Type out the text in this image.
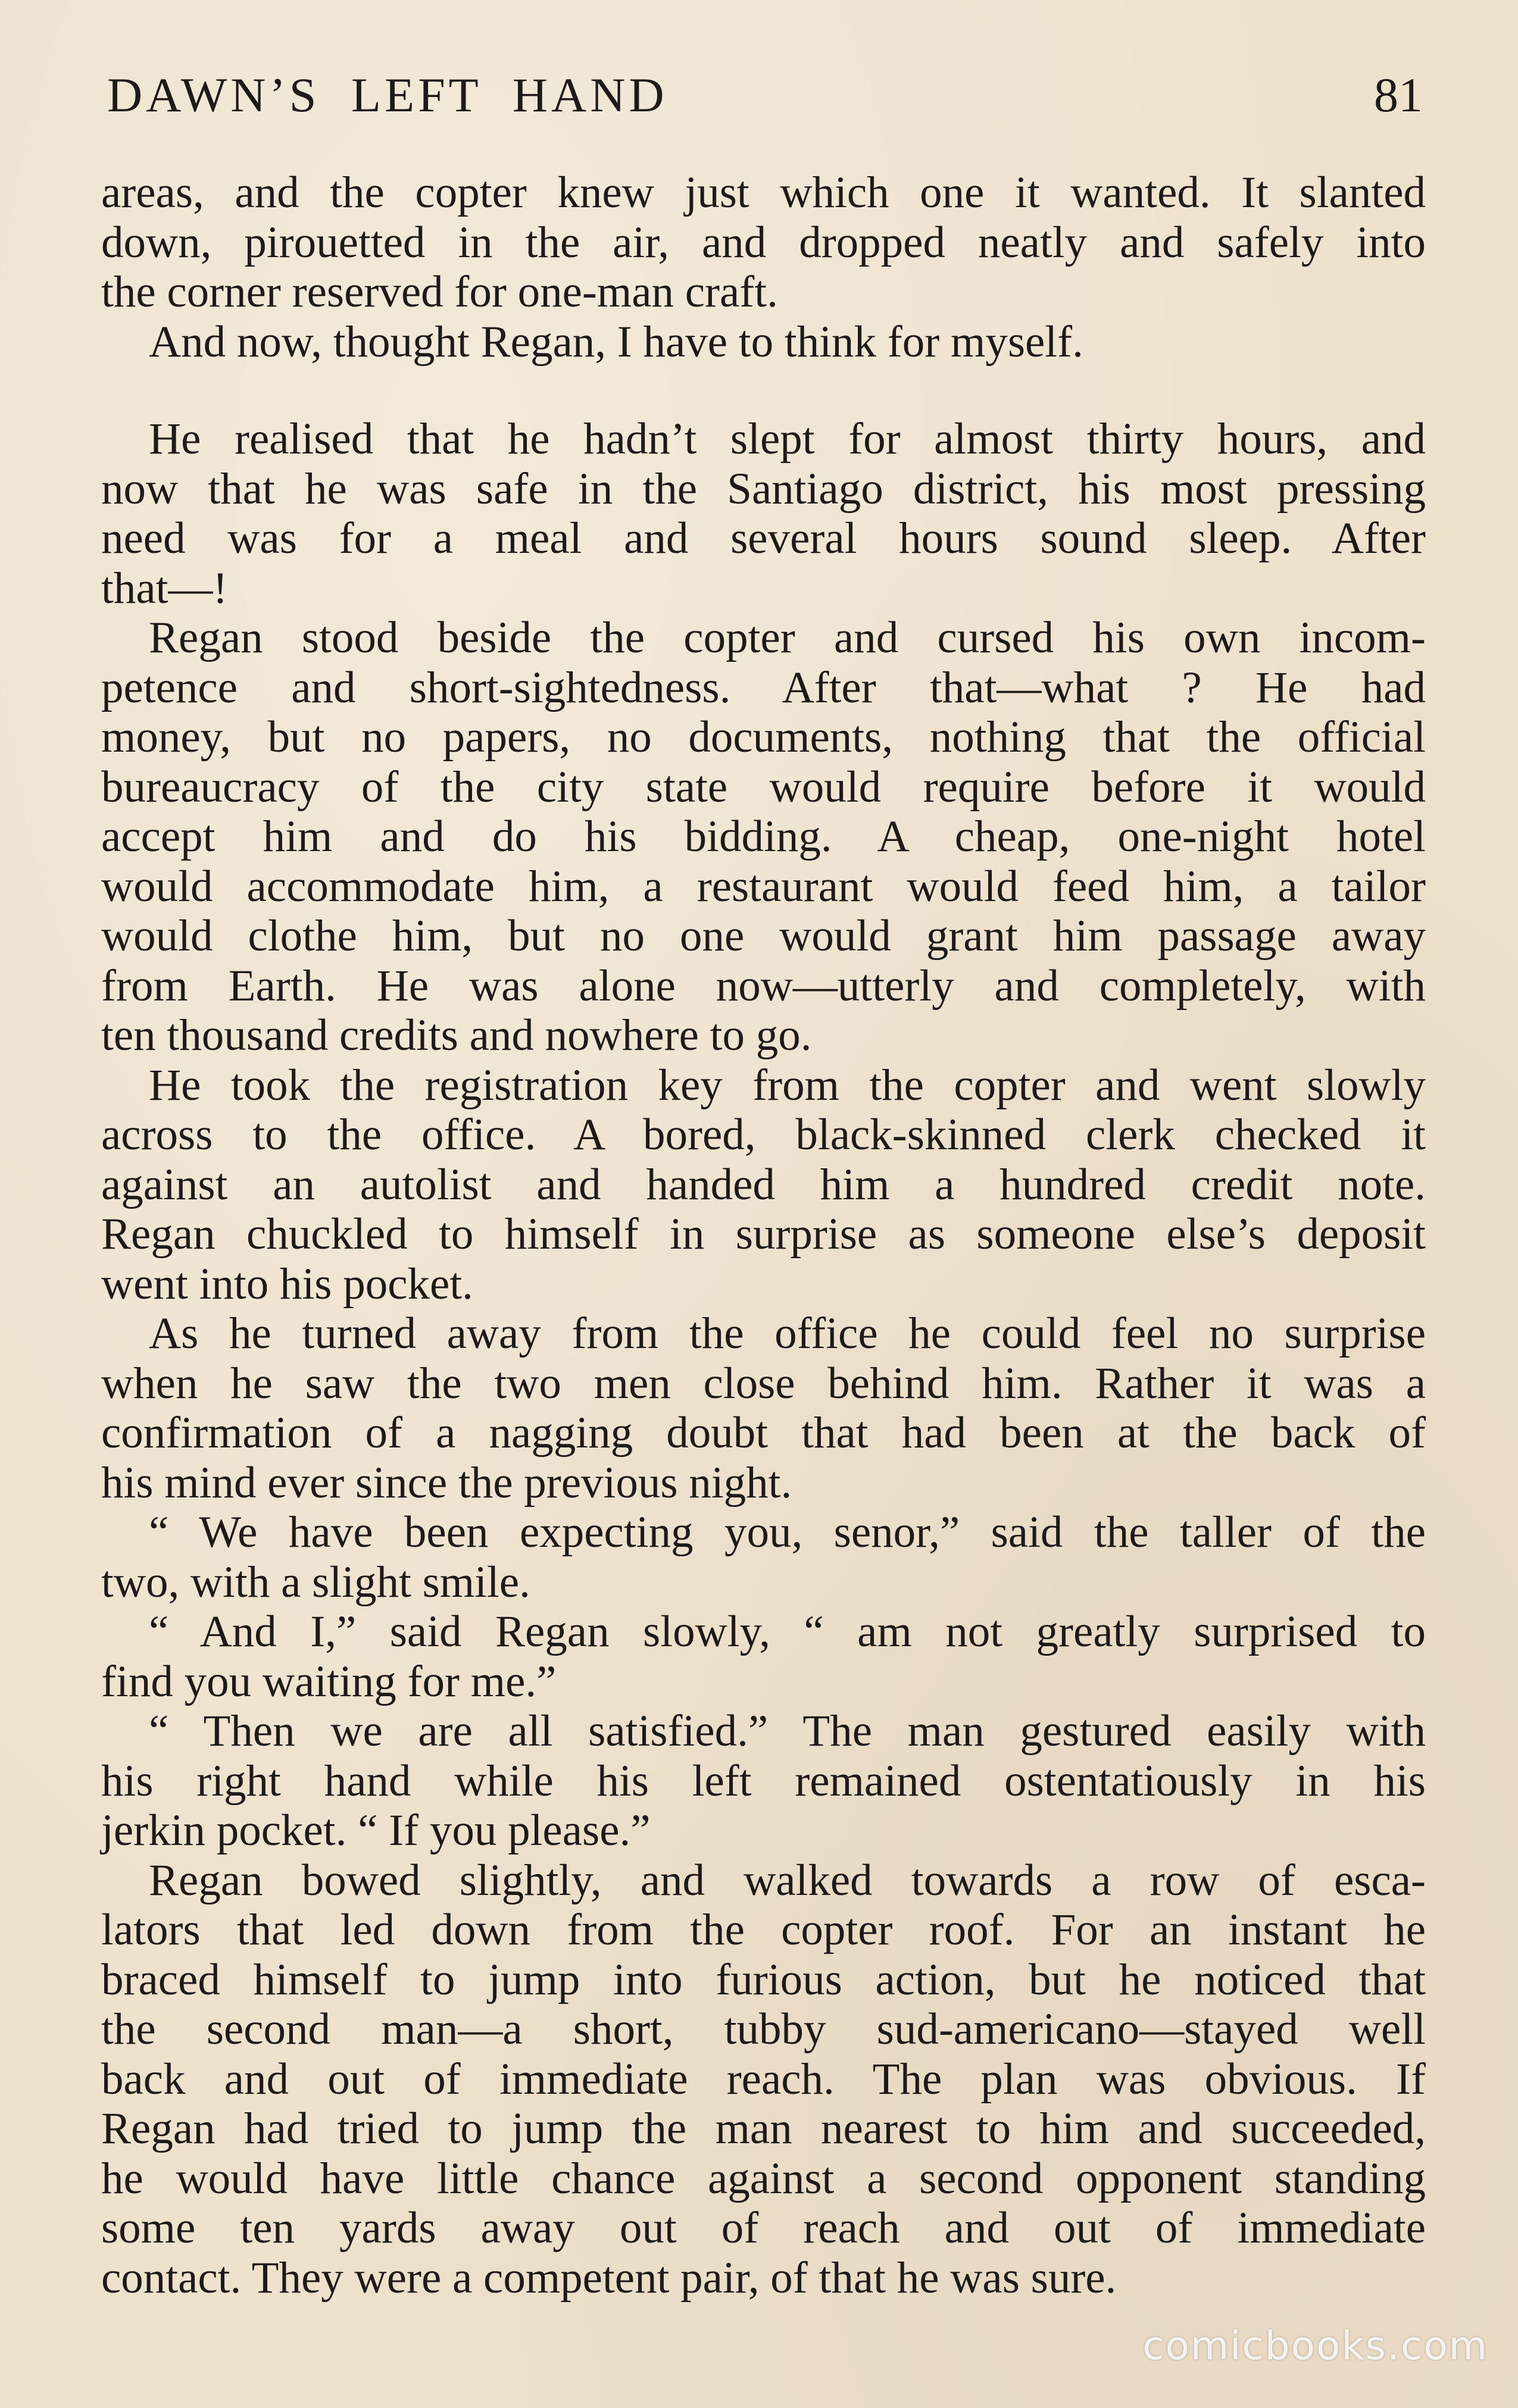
DAWN’S LEFT HAND	81
areas, and the copter knew just which one it wanted. It slanted
down, pirouetted in the air, and dropped neatly and safely into
the corner reserved for one-man craft.
And now, thought Regan, I have to think for myself.
He realised that he hadn’t slept for almost thirty hours, and
now that he was safe in the Santiago district, his most pressing
need was for a meal and several hours sound sleep. After
that—!
Regan stood beside the copter and cursed his own incom-
petence and short-sightedness. After that—what ? He had
money, but no papers, no documents, nothing that the official
bureaucracy of the city state would require before it would
accept him and do his bidding. A cheap, one-night hotel
would accommodate him, a restaurant would feed him, a tailor
would clothe him, but no one would grant him passage away
from Earth. He was alone now—utterly and completely, with
ten thousand credits and nowhere to go.
He took the registration key from the copter and went slowly
across to the office. A bored, black-skinned clerk checked it
against an autolist and handed him a hundred credit note.
Regan chuckled to himself in surprise as someone else’s deposit
went into his pocket.
As he turned away from the office he could feel no surprise
when he saw the two men close behind him. Rather it was a
confirmation of a nagging doubt that had been at the back of
his mind ever since the previous night.
“ We have been expecting you, senor,” said the taller of the
two, with a slight smile.
“ And I,” said Regan slowly, “ am not greatly surprised to
find you waiting for me.”
“ Then we are all satisfied.” The man gestured easily with
his right hand while his left remained ostentatiously in his
jerkin pocket. “ If you please.”
Regan bowed slightly, and walked towards a row of esca-
lators that led down from the copter roof. For an instant he
braced himself to jump into furious action, but he noticed that
the second man—a short, tubby sud-americano—stayed well
back and out of immediate reach. The plan was obvious. If
Regan had tried to jump the man nearest to him and succeeded,
he would have little chance against a second opponent standing
some ten yards away out of reach and out of immediate
contact. They were a competent pair, of that he was sure.
comicbooks.com
